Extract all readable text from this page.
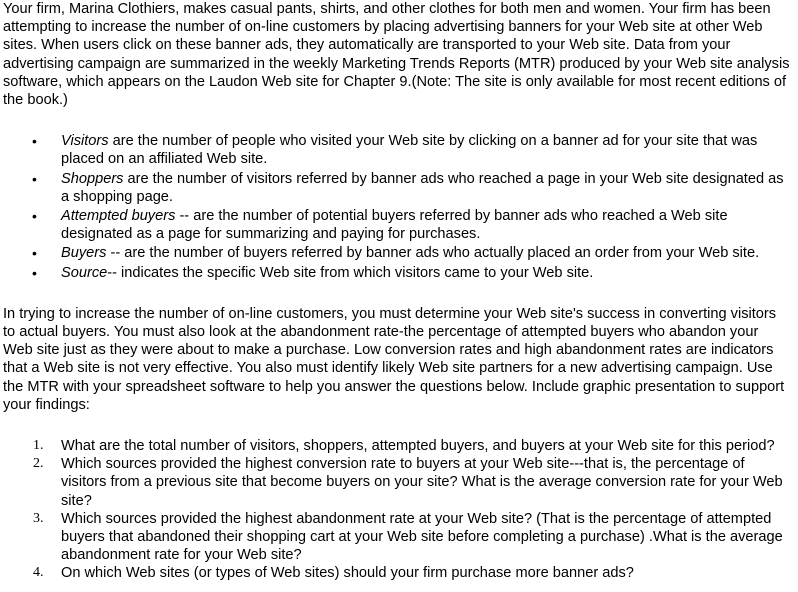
Your firm, Marina Clothiers, makes casual pants, shirts, and other clothes for both men and women. Your firm has been attempting to increase the number of on-line customers by placing advertising banners for your Web site at other Web sites. When users click on these banner ads, they automatically are transported to your Web site. Data from your advertising campaign are summarized in the weekly Marketing Trends Reports (MTR) produced by your Web site analysis software, which appears on the Laudon Web site for Chapter 9.(Note: The site is only available for most recent editions of the book.)

• Visitors are the number of people who visited your Web site by clicking on a banner ad for your site that was placed on an affiliated Web site.
• Shoppers are the number of visitors referred by banner ads who reached a page in your Web site designated as a shopping page.
• Attempted buyers -- are the number of potential buyers referred by banner ads who reached a Web site designated as a page for summarizing and paying for purchases.
• Buyers -- are the number of buyers referred by banner ads who actually placed an order from your Web site.
• Source-- indicates the specific Web site from which visitors came to your Web site.

In trying to increase the number of on-line customers, you must determine your Web site's success in converting visitors to actual buyers. You must also look at the abandonment rate-the percentage of attempted buyers who abandon your Web site just as they were about to make a purchase. Low conversion rates and high abandonment rates are indicators that a Web site is not very effective. You also must identify likely Web site partners for a new advertising campaign. Use the MTR with your spreadsheet software to help you answer the questions below. Include graphic presentation to support your findings:

1. What are the total number of visitors, shoppers, attempted buyers, and buyers at your Web site for this period?
2. Which sources provided the highest conversion rate to buyers at your Web site---that is, the percentage of visitors from a previous site that become buyers on your site? What is the average conversion rate for your Web site?
3. Which sources provided the highest abandonment rate at your Web site? (That is the percentage of attempted buyers that abandoned their shopping cart at your Web site before completing a purchase) .What is the average abandonment rate for your Web site?
4. On which Web sites (or types of Web sites) should your firm purchase more banner ads?
